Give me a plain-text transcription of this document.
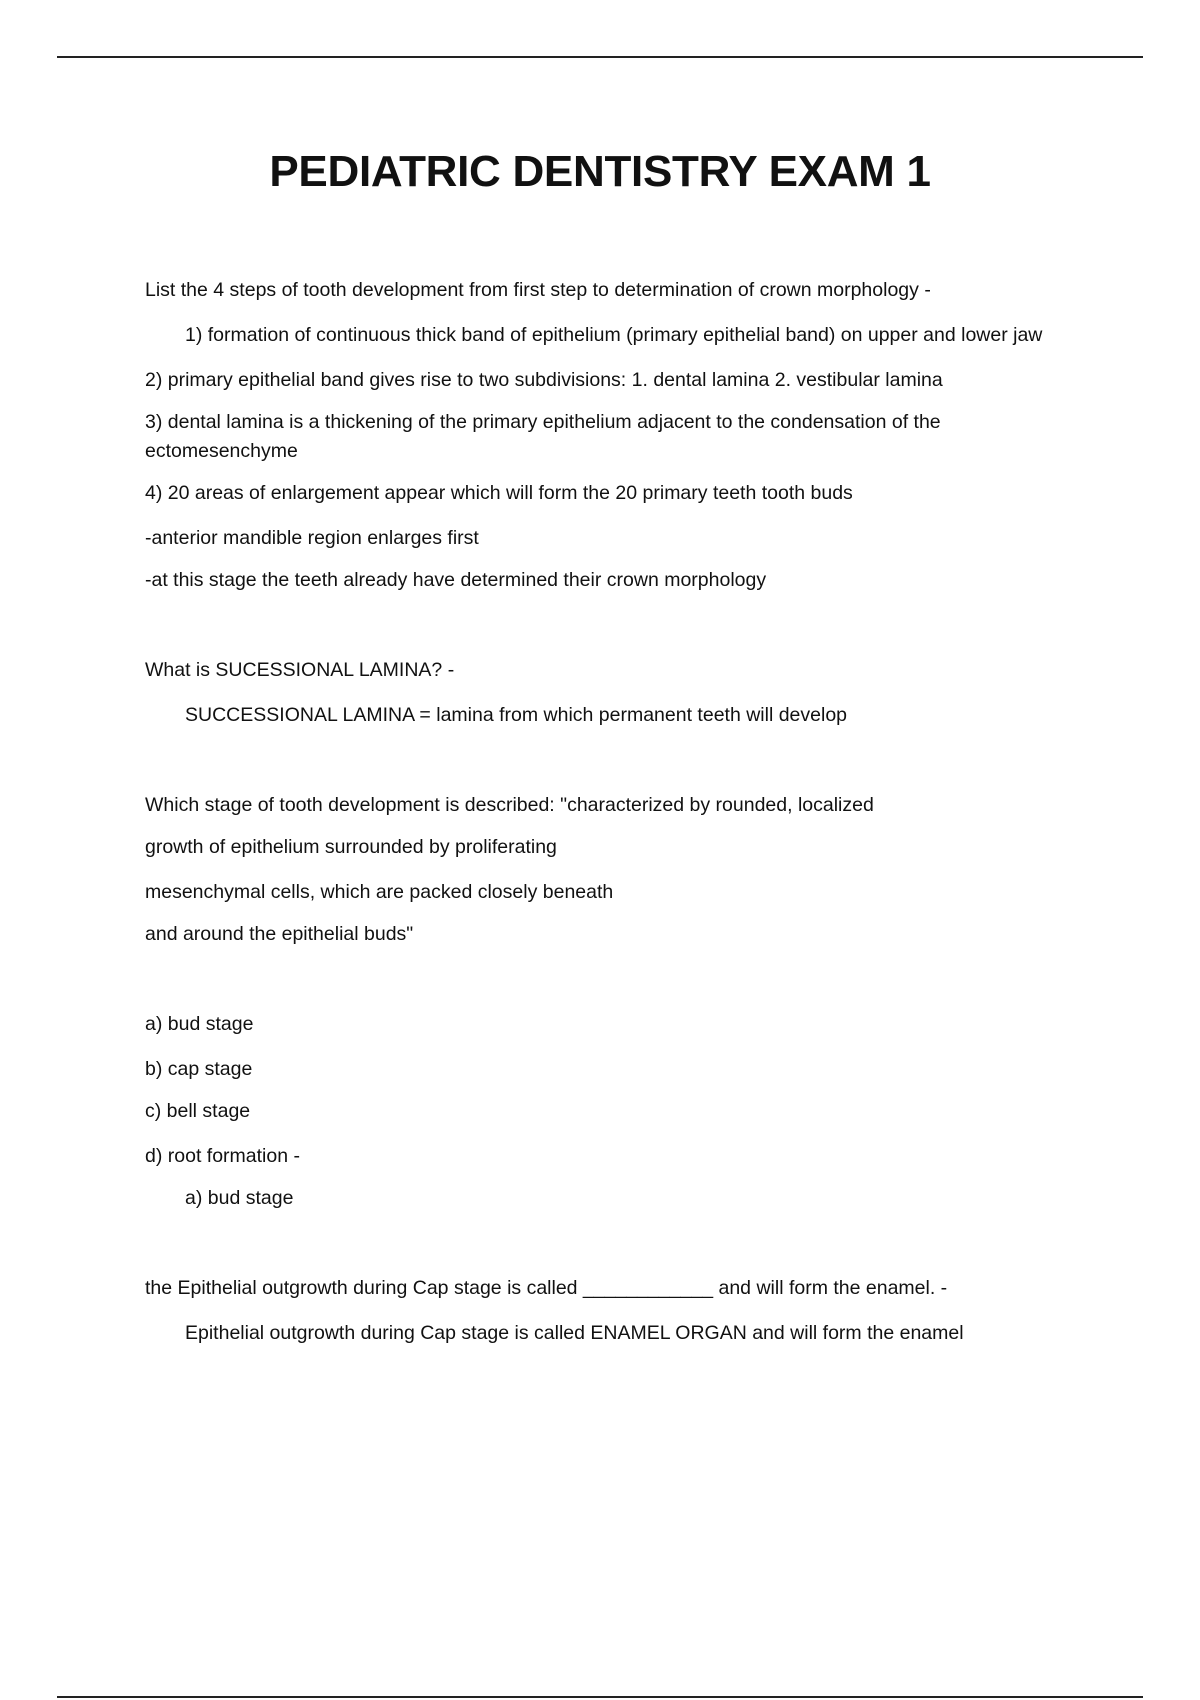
PEDIATRIC DENTISTRY EXAM 1

List the 4 steps of tooth development from first step to determination of crown morphology -

1) formation of continuous thick band of epithelium (primary epithelial band) on upper and lower jaw

2) primary epithelial band gives rise to two subdivisions: 1. dental lamina 2. vestibular lamina

3) dental lamina is a thickening of the primary epithelium adjacent to the condensation of the ectomesenchyme

4) 20 areas of enlargement appear which will form the 20 primary teeth tooth buds

-anterior mandible region enlarges first

-at this stage the teeth already have determined their crown morphology

What is SUCESSIONAL LAMINA? -

SUCCESSIONAL LAMINA = lamina from which permanent teeth will develop

Which stage of tooth development is described: "characterized by rounded, localized

growth of epithelium surrounded by proliferating

mesenchymal cells, which are packed closely beneath

and around the epithelial buds"

a) bud stage

b) cap stage

c) bell stage

d) root formation -

a) bud stage

the Epithelial outgrowth during Cap stage is called ____________ and will form the enamel. -

Epithelial outgrowth during Cap stage is called ENAMEL ORGAN and will form the enamel
